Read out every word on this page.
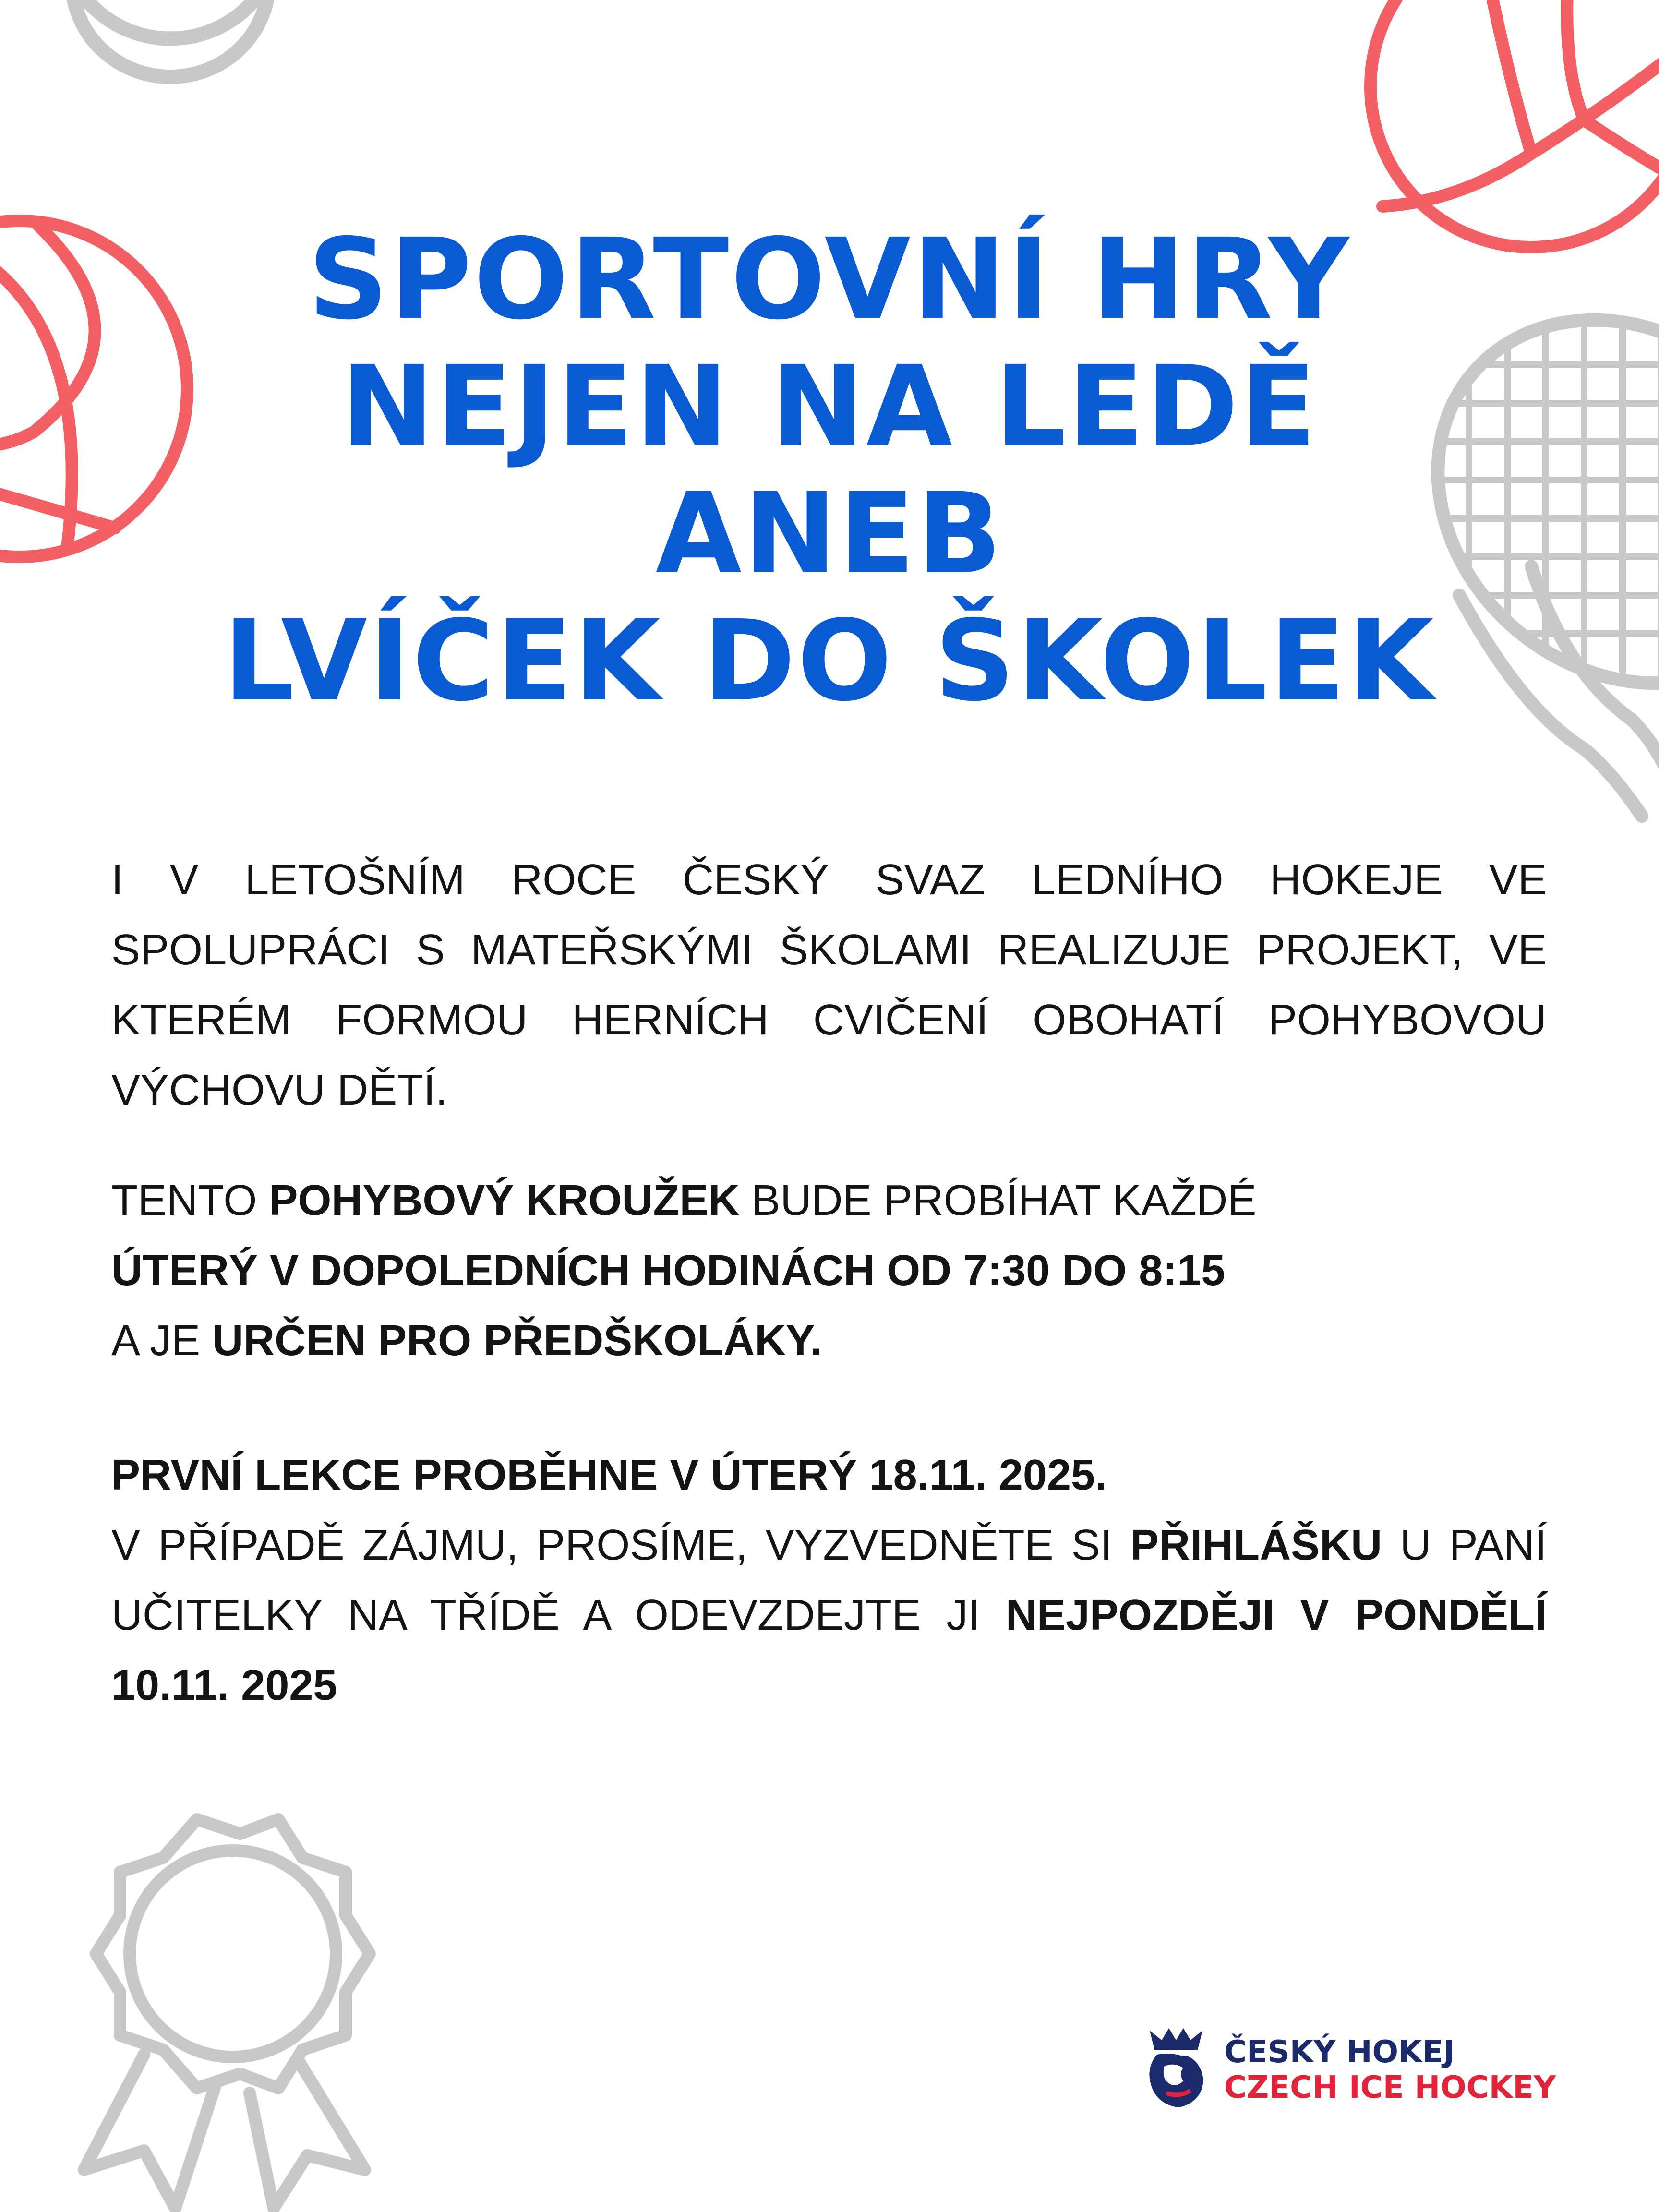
SPORTOVNÍ HRY
NEJEN NA LEDĚ
ANEB
LVÍČEK DO ŠKOLEK

I V LETOŠNÍM ROCE ČESKÝ SVAZ LEDNÍHO HOKEJE VE SPOLUPRÁCI S MATEŘSKÝMI ŠKOLAMI REALIZUJE PROJEKT, VE KTERÉM FORMOU HERNÍCH CVIČENÍ OBOHATÍ POHYBOVOU VÝCHOVU DĚTÍ.

TENTO POHYBOVÝ KROUŽEK BUDE PROBÍHAT KAŽDÉ
ÚTERÝ V DOPOLEDNÍCH HODINÁCH OD 7:30 DO 8:15
A JE URČEN PRO PŘEDŠKOLÁKY.

PRVNÍ LEKCE PROBĚHNE V ÚTERÝ 18.11. 2025.
V PŘÍPADĚ ZÁJMU, PROSÍME, VYZVEDNĚTE SI PŘIHLÁŠKU U PANÍ UČITELKY NA TŘÍDĚ A ODEVZDEJTE JI NEJPOZDĚJI V PONDĚLÍ 10.11. 2025

ČESKÝ HOKEJ
CZECH ICE HOCKEY
